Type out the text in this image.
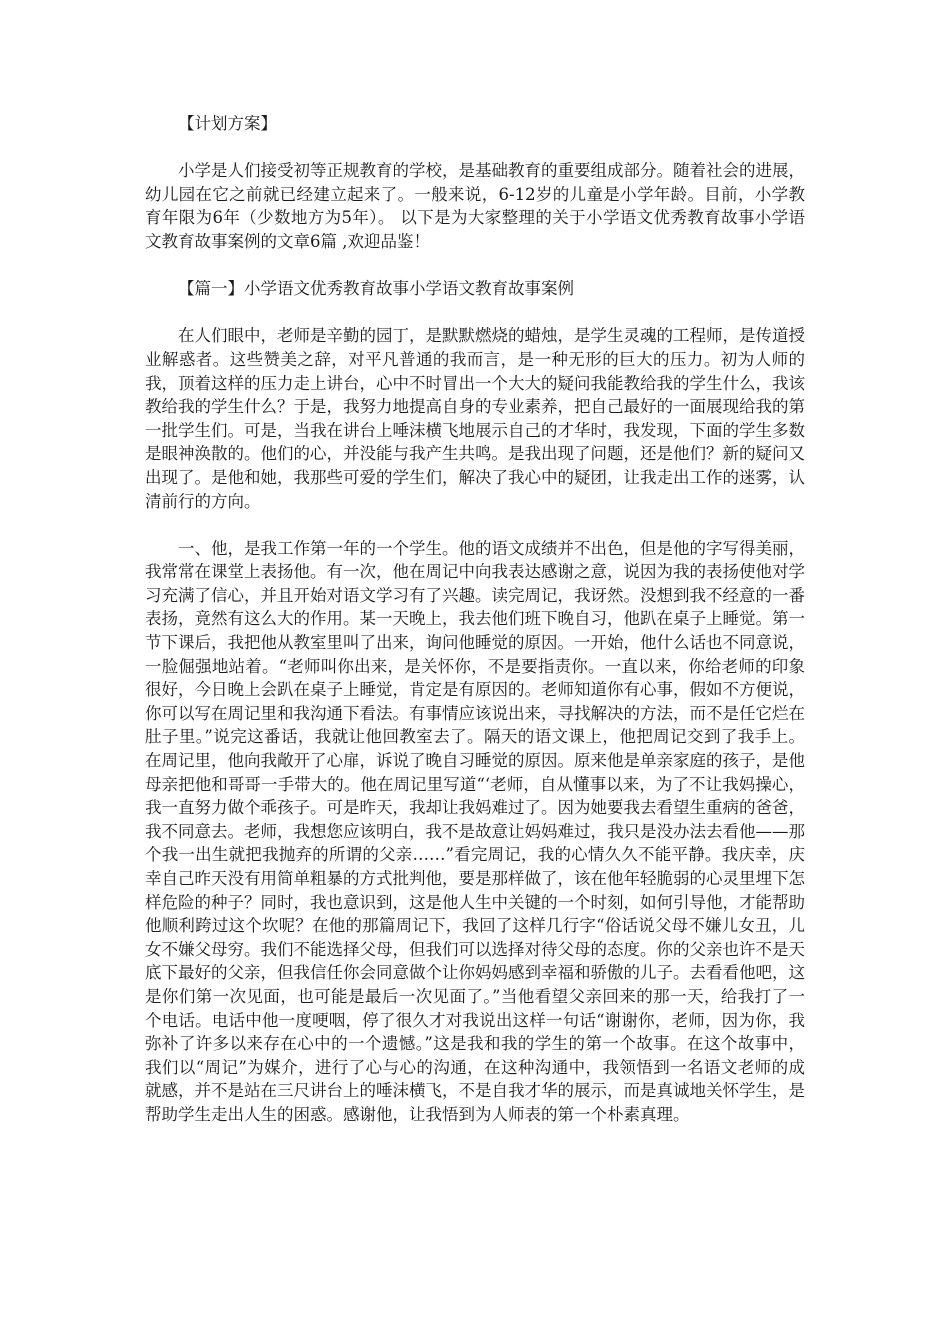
【计划方案】

小学是人们接受初等正规教育的学校，是基础教育的重要组成部分。随着社会的进展，幼儿园在它之前就已经建立起来了。一般来说，6-12岁的儿童是小学年龄。目前，小学教育年限为6年（少数地方为5年）。 以下是为大家整理的关于小学语文优秀教育故事小学语文教育故事案例的文章6篇 ,欢迎品鉴！

【篇一】小学语文优秀教育故事小学语文教育故事案例

在人们眼中，老师是辛勤的园丁，是默默燃烧的蜡烛，是学生灵魂的工程师，是传道授业解惑者。这些赞美之辞，对平凡普通的我而言，是一种无形的巨大的压力。初为人师的我，顶着这样的压力走上讲台，心中不时冒出一个大大的疑问我能教给我的学生什么，我该教给我的学生什么？于是，我努力地提高自身的专业素养，把自己最好的一面展现给我的第一批学生们。可是，当我在讲台上唾沫横飞地展示自己的才华时，我发现，下面的学生多数是眼神涣散的。他们的心，并没能与我产生共鸣。是我出现了问题，还是他们？新的疑问又出现了。是他和她，我那些可爱的学生们，解决了我心中的疑团，让我走出工作的迷雾，认清前行的方向。

一、他，是我工作第一年的一个学生。他的语文成绩并不出色，但是他的字写得美丽，我常常在课堂上表扬他。有一次，他在周记中向我表达感谢之意，说因为我的表扬使他对学习充满了信心，并且开始对语文学习有了兴趣。读完周记，我讶然。没想到我不经意的一番表扬，竟然有这么大的作用。某一天晚上，我去他们班下晚自习，他趴在桌子上睡觉。第一节下课后，我把他从教室里叫了出来，询问他睡觉的原因。一开始，他什么话也不同意说，一脸倔强地站着。“老师叫你出来，是关怀你，不是要指责你。一直以来，你给老师的印象很好，今日晚上会趴在桌子上睡觉，肯定是有原因的。老师知道你有心事，假如不方便说，你可以写在周记里和我沟通下看法。有事情应该说出来，寻找解决的方法，而不是任它烂在肚子里。”说完这番话，我就让他回教室去了。隔天的语文课上，他把周记交到了我手上。在周记里，他向我敞开了心扉，诉说了晚自习睡觉的原因。原来他是单亲家庭的孩子，是他母亲把他和哥哥一手带大的。他在周记里写道“‘老师，自从懂事以来，为了不让我妈操心，我一直努力做个乖孩子。可是昨天，我却让我妈难过了。因为她要我去看望生重病的爸爸，我不同意去。老师，我想您应该明白，我不是故意让妈妈难过，我只是没办法去看他——那个我一出生就把我抛弃的所谓的父亲……”看完周记，我的心情久久不能平静。我庆幸，庆幸自己昨天没有用简单粗暴的方式批判他，要是那样做了，该在他年轻脆弱的心灵里埋下怎样危险的种子？同时，我也意识到，这是他人生中关键的一个时刻，如何引导他，才能帮助他顺利跨过这个坎呢？在他的那篇周记下，我回了这样几行字“俗话说父母不嫌儿女丑，儿女不嫌父母穷。我们不能选择父母，但我们可以选择对待父母的态度。你的父亲也许不是天底下最好的父亲，但我信任你会同意做个让你妈妈感到幸福和骄傲的儿子。去看看他吧，这是你们第一次见面，也可能是最后一次见面了。”当他看望父亲回来的那一天，给我打了一个电话。电话中他一度哽咽，停了很久才对我说出这样一句话“谢谢你，老师，因为你，我弥补了许多以来存在心中的一个遗憾。”这是我和我的学生的第一个故事。在这个故事中，我们以“周记”为媒介，进行了心与心的沟通，在这种沟通中，我领悟到一名语文老师的成就感，并不是站在三尺讲台上的唾沫横飞，不是自我才华的展示，而是真诚地关怀学生，是帮助学生走出人生的困惑。感谢他，让我悟到为人师表的第一个朴素真理。
